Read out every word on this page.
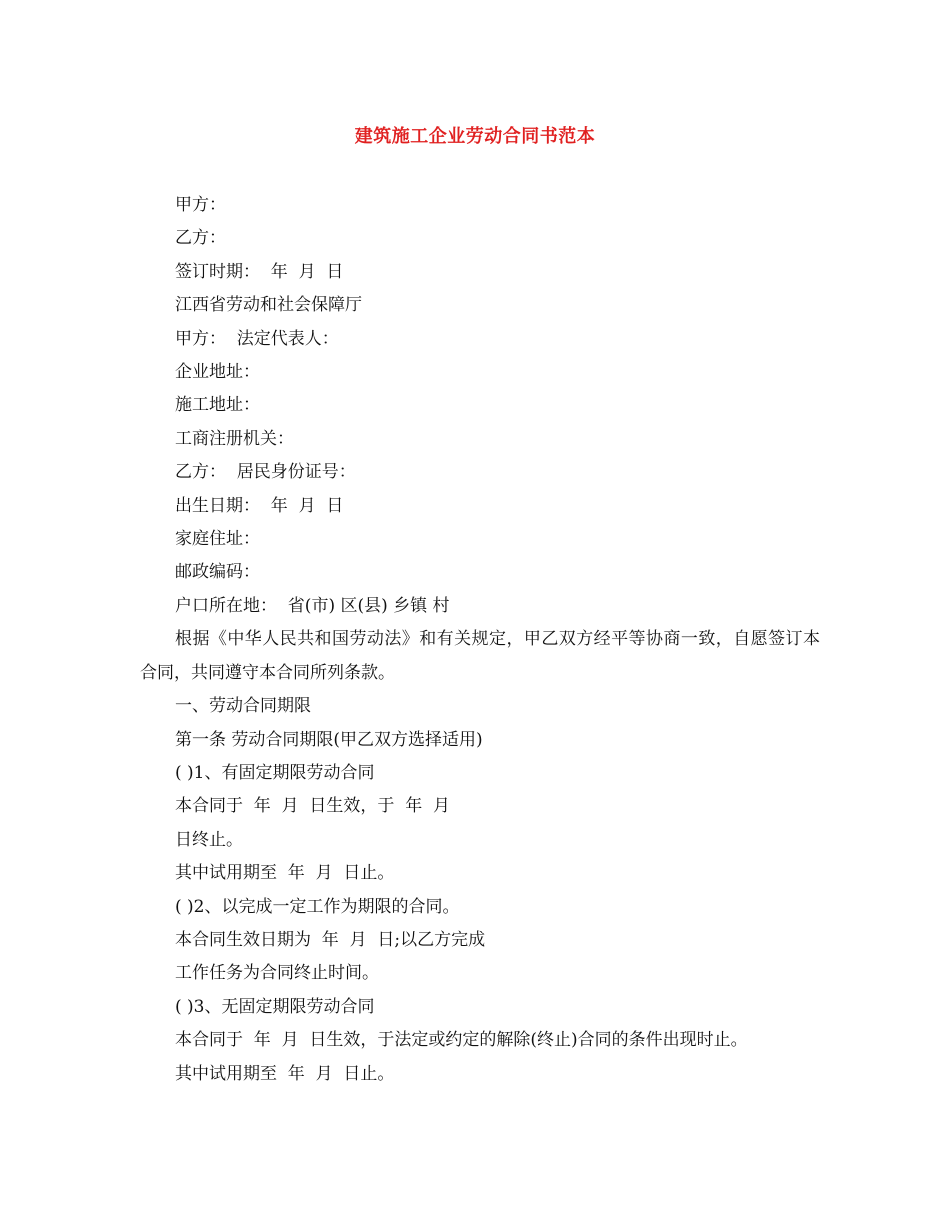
建筑施工企业劳动合同书范本
甲方：
乙方：
签订时期：  年  月  日
江西省劳动和社会保障厅
甲方：  法定代表人：
企业地址：
施工地址：
工商注册机关：
乙方：  居民身份证号：
出生日期：  年  月  日
家庭住址：
邮政编码：
户口所在地：  省(市) 区(县) 乡镇 村
根据《中华人民共和国劳动法》和有关规定，甲乙双方经平等协商一致，自愿签订本合同，共同遵守本合同所列条款。
一、劳动合同期限
第一条 劳动合同期限(甲乙双方选择适用)
( )1、有固定期限劳动合同
本合同于  年  月  日生效，于  年  月
日终止。
其中试用期至  年  月  日止。
( )2、以完成一定工作为期限的合同。
本合同生效日期为  年  月  日;以乙方完成
工作任务为合同终止时间。
( )3、无固定期限劳动合同
本合同于  年  月  日生效，于法定或约定的解除(终止)合同的条件出现时止。
其中试用期至  年  月  日止。
